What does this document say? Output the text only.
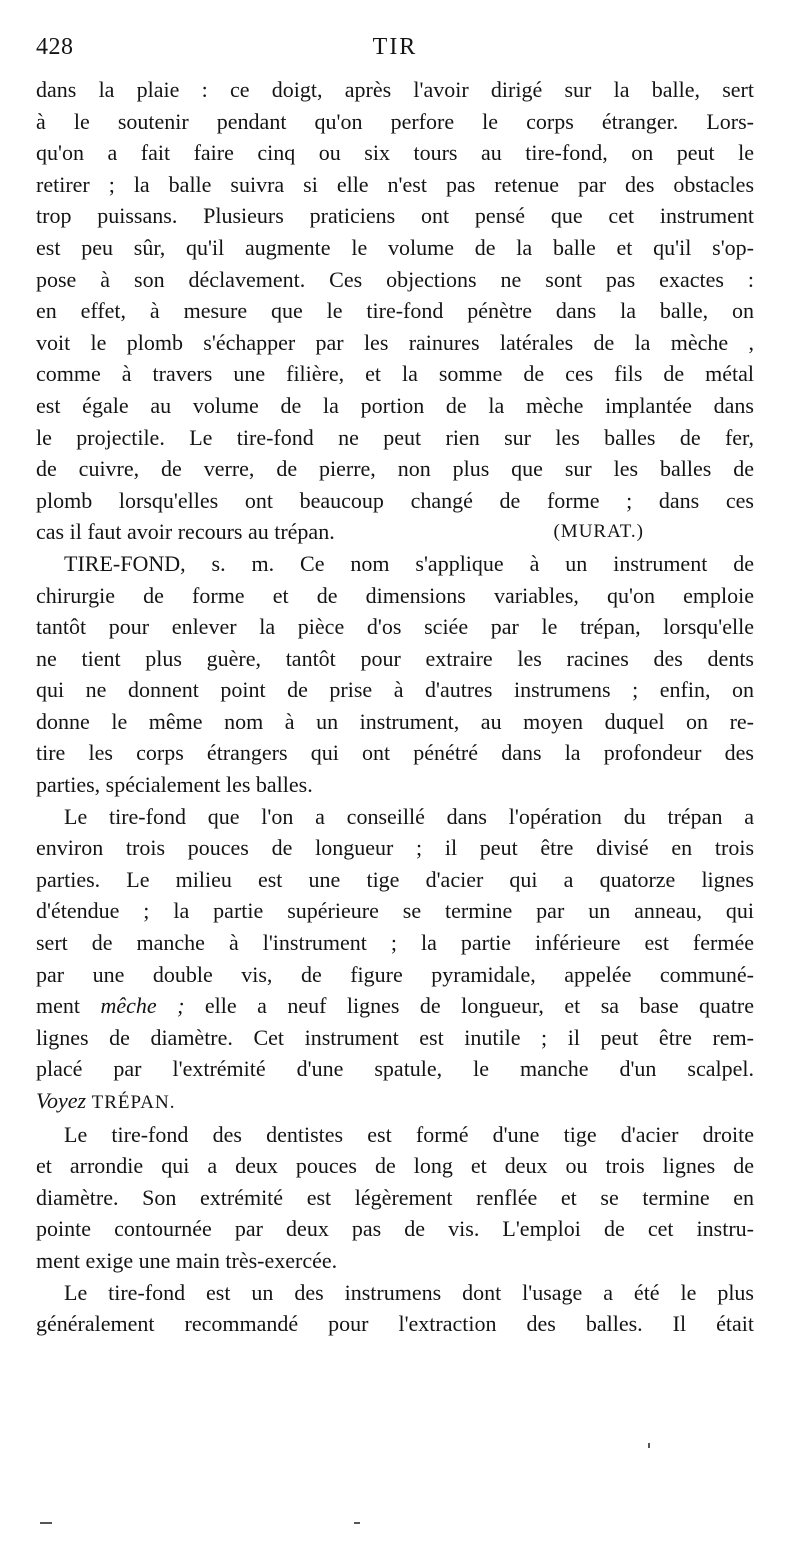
428	TIR
dans la plaie : ce doigt, après l'avoir dirigé sur la balle, sert
à le soutenir pendant qu'on perfore le corps étranger. Lors-
qu'on a fait faire cinq ou six tours au tire-fond, on peut le
retirer ; la balle suivra si elle n'est pas retenue par des obstacles
trop puissans. Plusieurs praticiens ont pensé que cet instrument
est peu sûr, qu'il augmente le volume de la balle et qu'il s'op-
pose à son déclavement. Ces objections ne sont pas exactes :
en effet, à mesure que le tire-fond pénètre dans la balle, on
voit le plomb s'échapper par les rainures latérales de la mèche ,
comme à travers une filière, et la somme de ces fils de métal
est égale au volume de la portion de la mèche implantée dans
le projectile. Le tire-fond ne peut rien sur les balles de fer,
de cuivre, de verre, de pierre, non plus que sur les balles de
plomb lorsqu'elles ont beaucoup changé de forme ; dans ces
cas il faut avoir recours au trépan.	(MURAT.)
TIRE-FOND, s. m. Ce nom s'applique à un instrument de
chirurgie de forme et de dimensions variables, qu'on emploie
tantôt pour enlever la pièce d'os sciée par le trépan, lorsqu'elle
ne tient plus guère, tantôt pour extraire les racines des dents
qui ne donnent point de prise à d'autres instrumens ; enfin, on
donne le même nom à un instrument, au moyen duquel on re-
tire les corps étrangers qui ont pénétré dans la profondeur des
parties, spécialement les balles.
Le tire-fond que l'on a conseillé dans l'opération du trépan a
environ trois pouces de longueur ; il peut être divisé en trois
parties. Le milieu est une tige d'acier qui a quatorze lignes
d'étendue ; la partie supérieure se termine par un anneau, qui
sert de manche à l'instrument ; la partie inférieure est fermée
par une double vis, de figure pyramidale, appelée communé-
ment mêche ; elle a neuf lignes de longueur, et sa base quatre
lignes de diamètre. Cet instrument est inutile ; il peut être rem-
placé par l'extrémité d'une spatule, le manche d'un scalpel.
Voyez TRÉPAN.
Le tire-fond des dentistes est formé d'une tige d'acier droite
et arrondie qui a deux pouces de long et deux ou trois lignes de
diamètre. Son extrémité est légèrement renflée et se termine en
pointe contournée par deux pas de vis. L'emploi de cet instru-
ment exige une main très-exercée.
Le tire-fond est un des instrumens dont l'usage a été le plus
généralement recommandé pour l'extraction des balles. Il était
